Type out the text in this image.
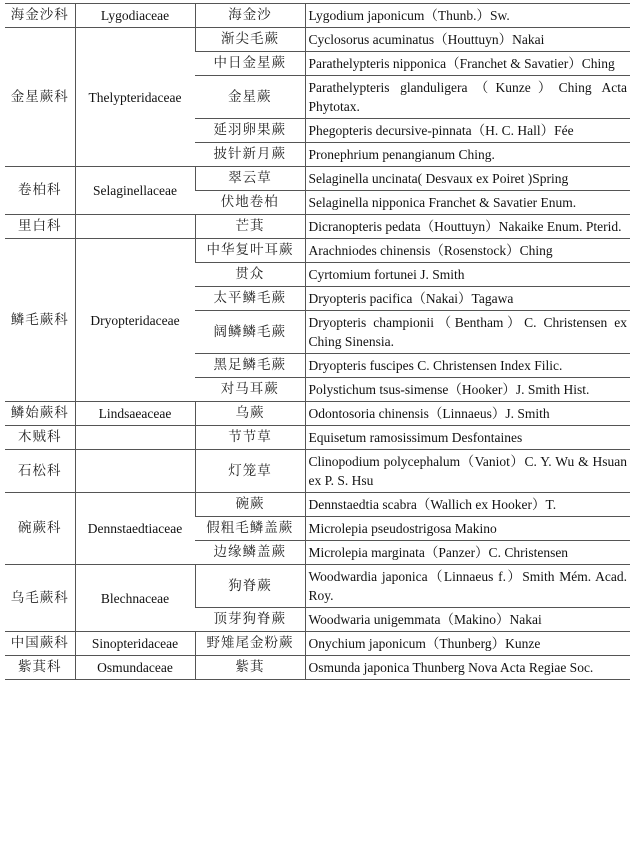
海金沙科	Lygodiaceae	海金沙	Lygodium japonicum（Thunb.）Sw.
金星蕨科	Thelypteridaceae	渐尖毛蕨	Cyclosorus acuminatus（Houttuyn）Nakai
		中日金星蕨	Parathelypteris nipponica（Franchet & Savatier）Ching
		金星蕨	Parathelypteris glanduligera（Kunze）Ching Acta Phytotax.
		延羽卵果蕨	Phegopteris decursive-pinnata（H. C. Hall）Fée
		披针新月蕨	Pronephrium penangianum Ching.
卷柏科	Selaginellaceae	翠云草	Selaginella uncinata( Desvaux ex Poiret )Spring
		伏地卷柏	Selaginella nipponica Franchet & Savatier Enum.
里白科		芒萁	Dicranopteris pedata（Houttuyn）Nakaike Enum. Pterid.
鳞毛蕨科	Dryopteridaceae	中华复叶耳蕨	Arachniodes chinensis（Rosenstock）Ching
		贯众	Cyrtomium fortunei J. Smith
		太平鳞毛蕨	Dryopteris pacifica（Nakai）Tagawa
		阔鳞鳞毛蕨	Dryopteris championii（Bentham）C. Christensen ex Ching Sinensia.
		黑足鳞毛蕨	Dryopteris fuscipes C. Christensen Index Filic.
		对马耳蕨	Polystichum tsus-simense（Hooker）J. Smith Hist.
鳞始蕨科	Lindsaeaceae	乌蕨	Odontosoria chinensis（Linnaeus）J. Smith
木贼科		节节草	Equisetum ramosissimum Desfontaines
石松科		灯笼草	Clinopodium polycephalum（Vaniot）C. Y. Wu & Hsuan ex P. S. Hsu
碗蕨科	Dennstaedtiaceae	碗蕨	Dennstaedtia scabra（Wallich ex Hooker）T.
		假粗毛鳞盖蕨	Microlepia pseudostrigosa Makino
		边缘鳞盖蕨	Microlepia marginata（Panzer）C. Christensen
乌毛蕨科	Blechnaceae	狗脊蕨	Woodwardia japonica（Linnaeus f.）Smith Mém. Acad. Roy.
		顶芽狗脊蕨	Woodwaria unigemmata（Makino）Nakai
中国蕨科	Sinopteridaceae	野雉尾金粉蕨	Onychium japonicum（Thunberg）Kunze
紫萁科	Osmundaceae	紫萁	Osmunda japonica Thunberg Nova Acta Regiae Soc.
